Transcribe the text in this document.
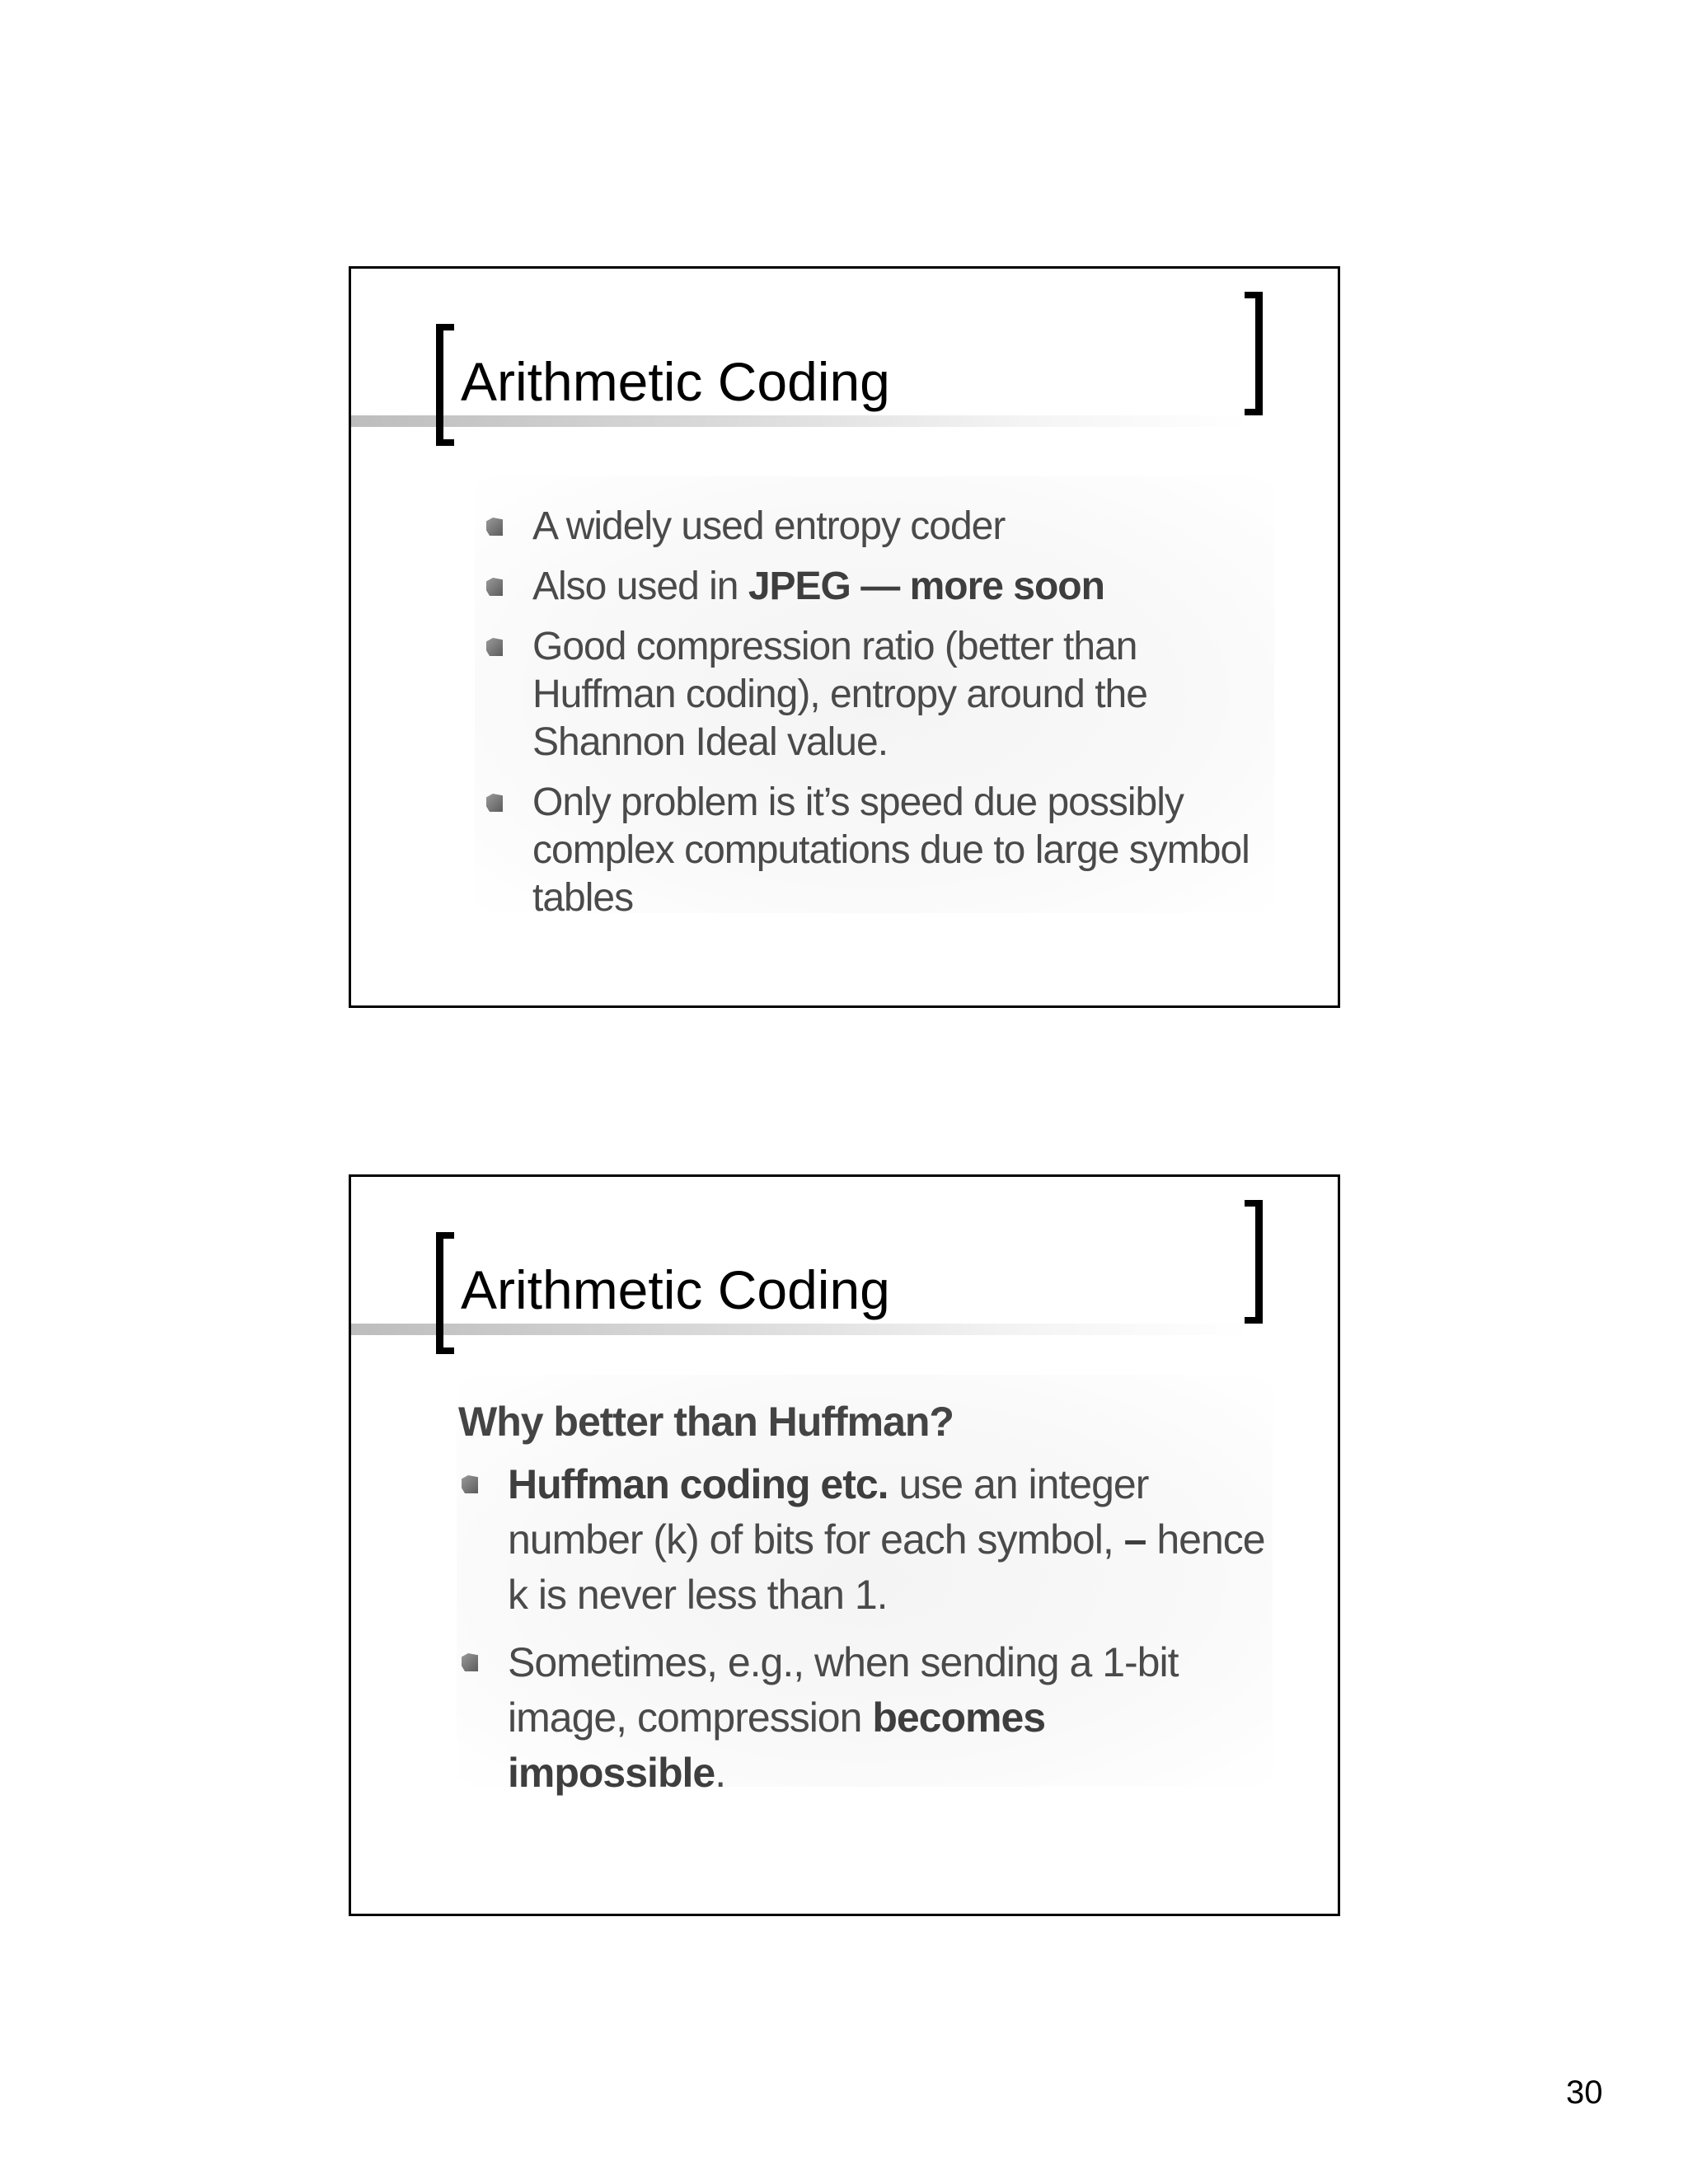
Arithmetic Coding
A widely used entropy coder
Also used in JPEG — more soon
Good compression ratio (better than Huffman coding), entropy around the Shannon Ideal value.
Only problem is it’s speed due possibly complex computations due to large symbol tables
Arithmetic Coding
Why better than Huffman?
Huffman coding etc. use an integer number (k) of bits for each symbol, – hence k is never less than 1.
Sometimes, e.g., when sending a 1-bit image, compression becomes impossible.
30
